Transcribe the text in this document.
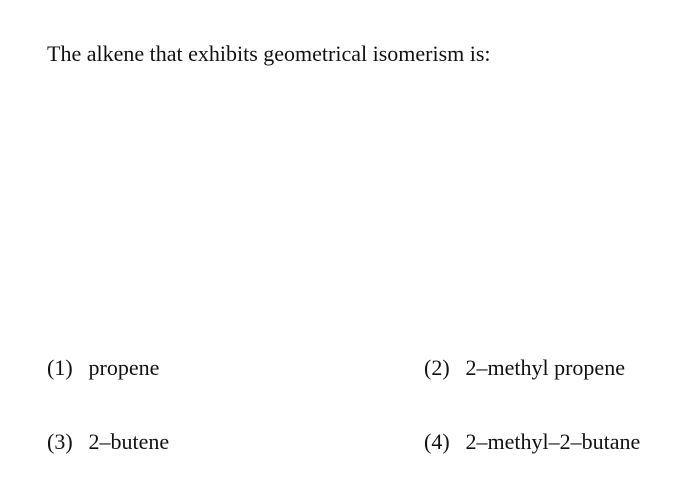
The alkene that exhibits geometrical isomerism is:
(1) propene	(2) 2–methyl propene
(3) 2–butene	(4) 2–methyl–2–butane
